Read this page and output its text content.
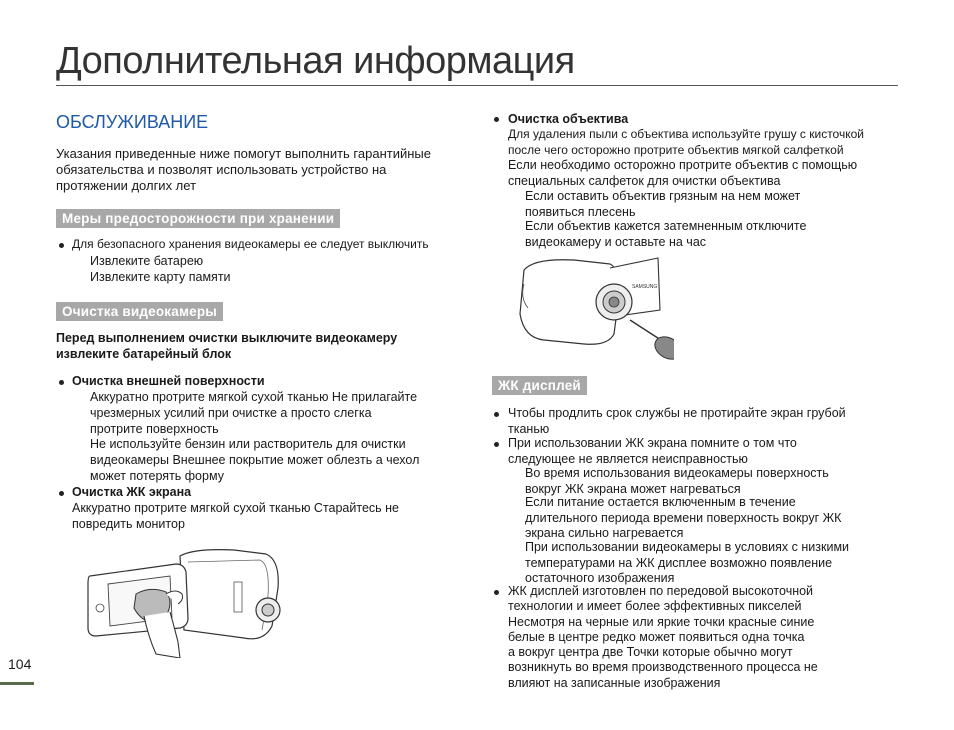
Дополнительная информация
ОБСЛУЖИВАНИЕ
Указания приведенные ниже помогут выполнить гарантийные
обязательства и позволят использовать устройство на
протяжении долгих лет
Меры предосторожности при хранении
Для безопасного хранения видеокамеры ее следует выключить
Извлеките батарею
Извлеките карту памяти
Очистка видеокамеры
Перед выполнением очистки выключите видеокамеру
извлеките батарейный блок
Очистка внешней поверхности
Аккуратно протрите мягкой сухой тканью Не прилагайте
чрезмерных усилий при очистке а просто слегка
протрите поверхность
Не используйте бензин или растворитель для очистки
видеокамеры Внешнее покрытие может облезть а чехол
может потерять форму
Очистка ЖК экрана
Аккуратно протрите мягкой сухой тканью Старайтесь не
повредить монитор
104
Очистка объектива
Для удаления пыли с объектива используйте грушу с кисточкой
после чего осторожно протрите объектив мягкой салфеткой
Если необходимо осторожно протрите объектив с помощью
специальных салфеток для очистки объектива
Если оставить объектив грязным на нем может
появиться плесень
Если объектив кажется затемненным отключите
видеокамеру и оставьте на час
SAMSUNG
ЖК дисплей
Чтобы продлить срок службы не протирайте экран грубой
тканью
При использовании ЖК экрана помните о том что
следующее не является неисправностью
Во время использования видеокамеры поверхность
вокруг ЖК экрана может нагреваться
Если питание остается включенным в течение
длительного периода времени поверхность вокруг ЖК
экрана сильно нагревается
При использовании видеокамеры в условиях с низкими
температурами на ЖК дисплее возможно появление
остаточного изображения
ЖК дисплей изготовлен по передовой высокоточной
технологии и имеет более эффективных пикселей
Несмотря на черные или яркие точки красные синие
белые в центре редко может появиться одна точка
а вокруг центра две Точки которые обычно могут
возникнуть во время производственного процесса не
влияют на записанные изображения
